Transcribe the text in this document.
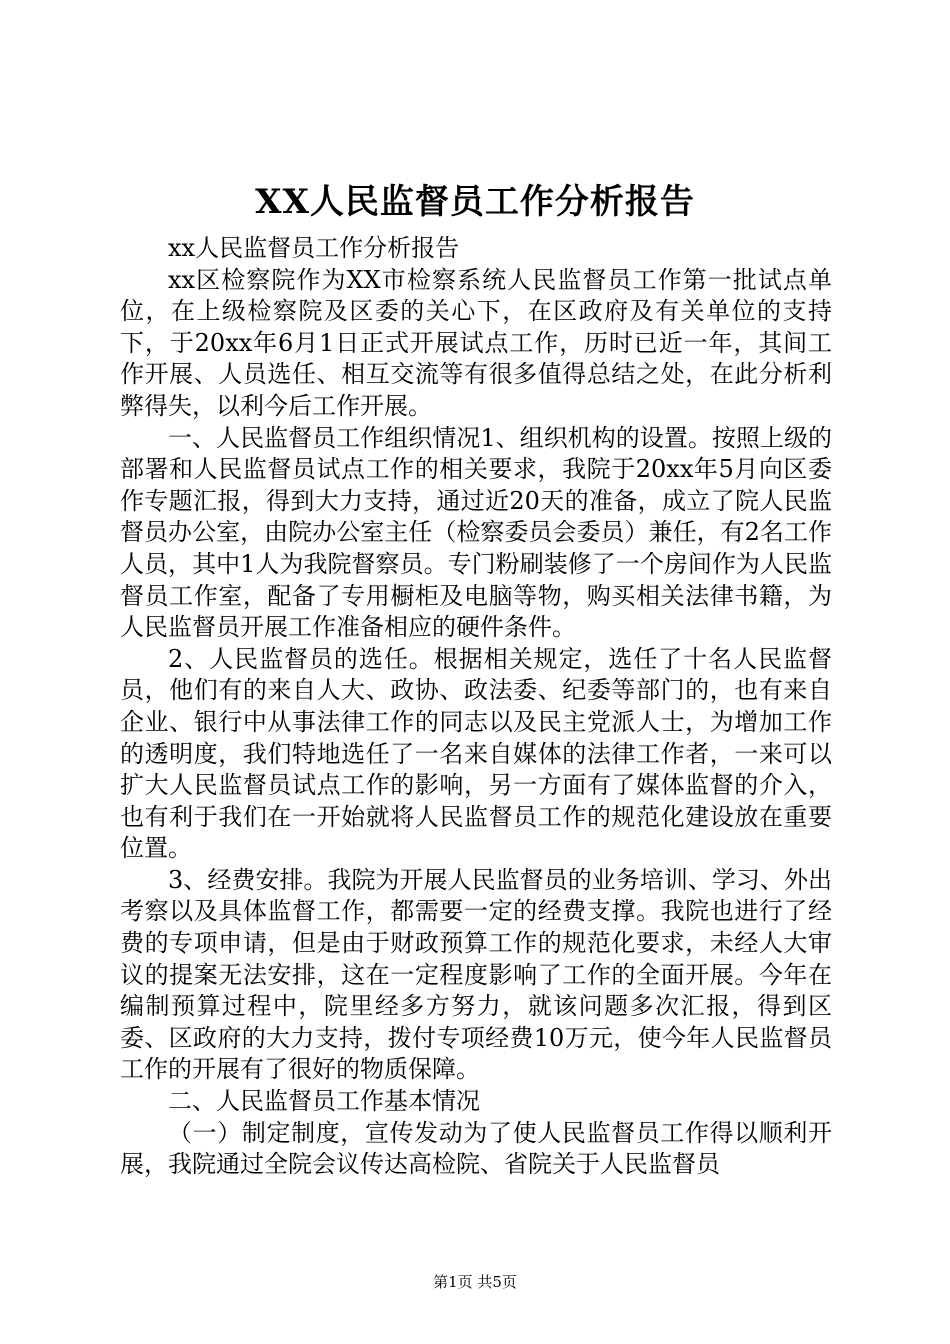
XX人民监督员工作分析报告

xx人民监督员工作分析报告

xx区检察院作为XX市检察系统人民监督员工作第一批试点单位，在上级检察院及区委的关心下，在区政府及有关单位的支持下，于20xx年6月1日正式开展试点工作，历时已近一年，其间工作开展、人员选任、相互交流等有很多值得总结之处，在此分析利弊得失，以利今后工作开展。

一、人民监督员工作组织情况1、组织机构的设置。按照上级的部署和人民监督员试点工作的相关要求，我院于20xx年5月向区委作专题汇报，得到大力支持，通过近20天的准备，成立了院人民监督员办公室，由院办公室主任（检察委员会委员）兼任，有2名工作人员，其中1人为我院督察员。专门粉刷装修了一个房间作为人民监督员工作室，配备了专用橱柜及电脑等物，购买相关法律书籍，为人民监督员开展工作准备相应的硬件条件。

2、人民监督员的选任。根据相关规定，选任了十名人民监督员，他们有的来自人大、政协、政法委、纪委等部门的，也有来自企业、银行中从事法律工作的同志以及民主党派人士，为增加工作的透明度，我们特地选任了一名来自媒体的法律工作者，一来可以扩大人民监督员试点工作的影响，另一方面有了媒体监督的介入，也有利于我们在一开始就将人民监督员工作的规范化建设放在重要位置。

3、经费安排。我院为开展人民监督员的业务培训、学习、外出考察以及具体监督工作，都需要一定的经费支撑。我院也进行了经费的专项申请，但是由于财政预算工作的规范化要求，未经人大审议的提案无法安排，这在一定程度影响了工作的全面开展。今年在编制预算过程中，院里经多方努力，就该问题多次汇报，得到区委、区政府的大力支持，拨付专项经费10万元，使今年人民监督员工作的开展有了很好的物质保障。

二、人民监督员工作基本情况

（一）制定制度，宣传发动为了使人民监督员工作得以顺利开展，我院通过全院会议传达高检院、省院关于人民监督员

第1页 共5页
